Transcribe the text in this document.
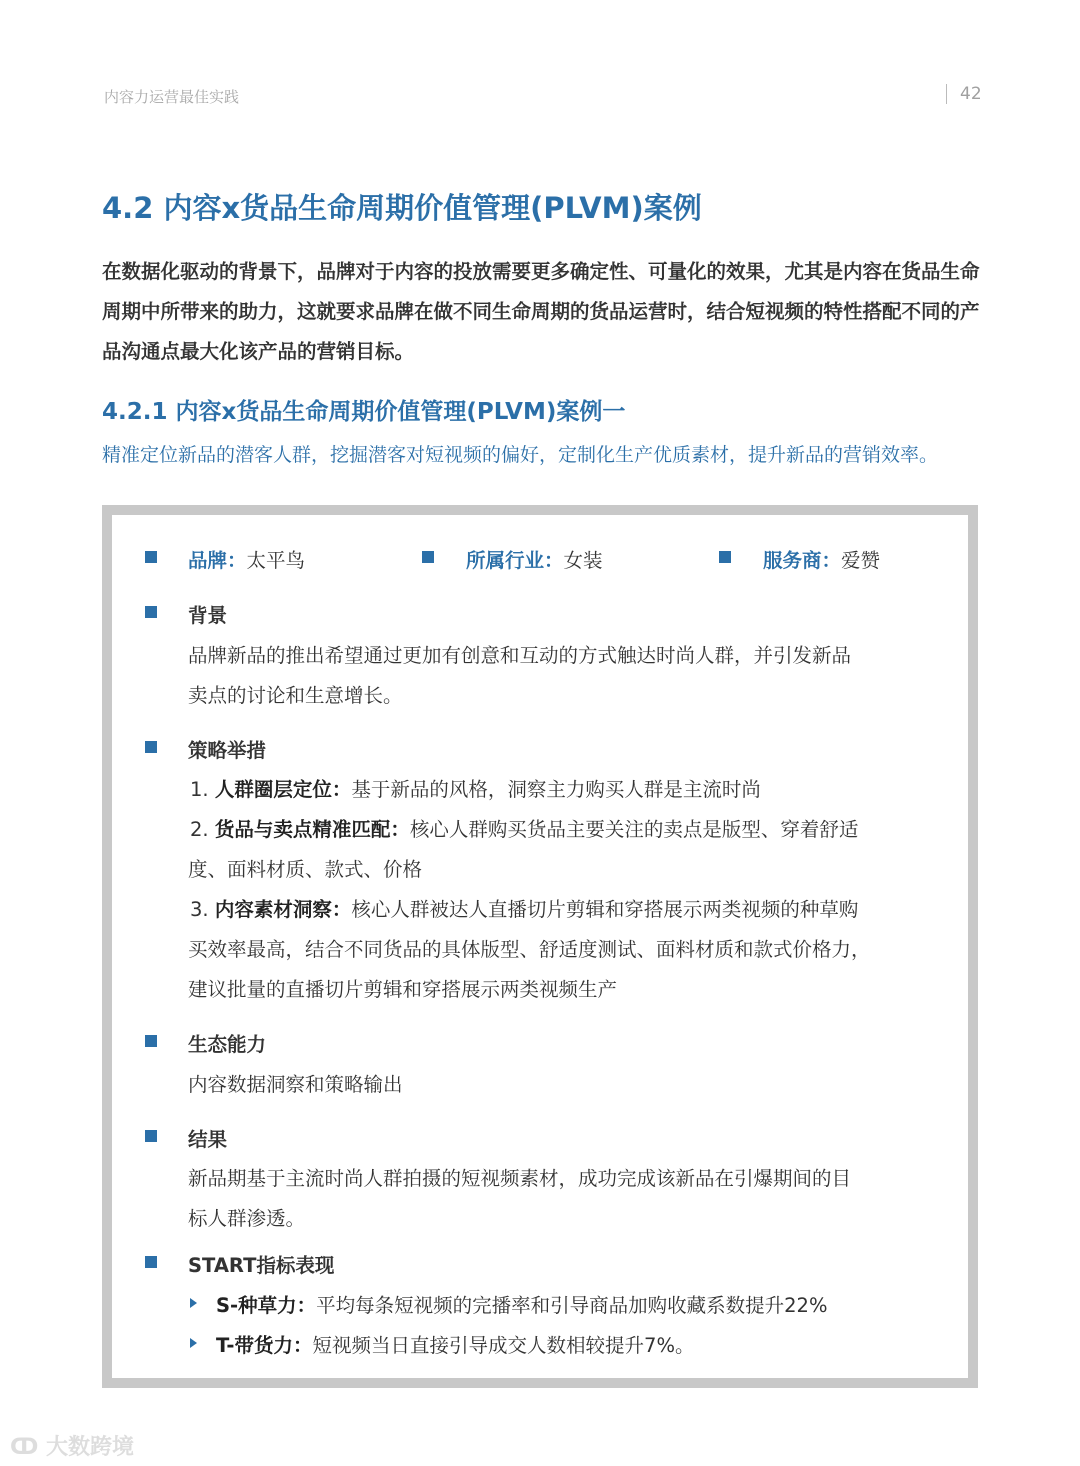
内容力运营最佳实践	42
4.2 内容x货品生命周期价值管理(PLVM)案例
在数据化驱动的背景下，品牌对于内容的投放需要更多确定性、可量化的效果，尤其是内容在货品生命周期中所带来的助力，这就要求品牌在做不同生命周期的货品运营时，结合短视频的特性搭配不同的产品沟通点最大化该产品的营销目标。
4.2.1 内容x货品生命周期价值管理(PLVM)案例一
精准定位新品的潜客人群，挖掘潜客对短视频的偏好，定制化生产优质素材，提升新品的营销效率。
品牌：太平鸟	所属行业：女装	服务商：爱赞
背景
品牌新品的推出希望通过更加有创意和互动的方式触达时尚人群，并引发新品
卖点的讨论和生意增长。
策略举措
1. 人群圈层定位：基于新品的风格，洞察主力购买人群是主流时尚
2. 货品与卖点精准匹配：核心人群购买货品主要关注的卖点是版型、穿着舒适
度、面料材质、款式、价格
3. 内容素材洞察：核心人群被达人直播切片剪辑和穿搭展示两类视频的种草购
买效率最高，结合不同货品的具体版型、舒适度测试、面料材质和款式价格力，
建议批量的直播切片剪辑和穿搭展示两类视频生产
生态能力
内容数据洞察和策略输出
结果
新品期基于主流时尚人群拍摄的短视频素材，成功完成该新品在引爆期间的目
标人群渗透。
START指标表现
S-种草力：平均每条短视频的完播率和引导商品加购收藏系数提升22%
T-带货力：短视频当日直接引导成交人数相较提升7%。
ↀ 大数跨境
